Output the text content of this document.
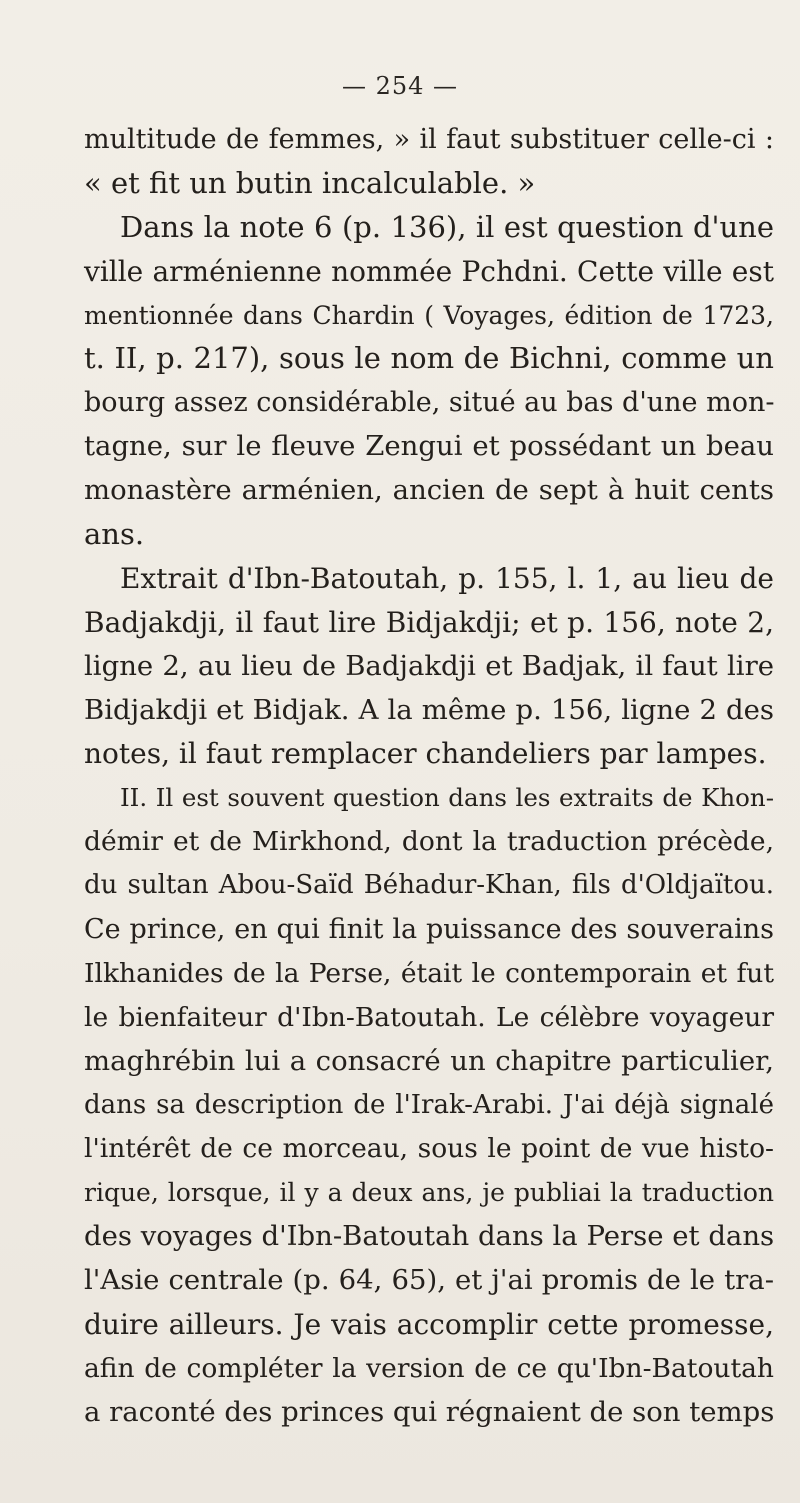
— 254 —
multitude de femmes, » il faut substituer celle-ci :
« et fit un butin incalculable. »
Dans la note 6 (p. 136), il est question d'une
ville arménienne nommée Pchdni. Cette ville est
mentionnée dans Chardin ( Voyages, édition de 1723,
t. II, p. 217), sous le nom de Bichni, comme un
bourg assez considérable, situé au bas d'une mon-
tagne, sur le fleuve Zengui et possédant un beau
monastère arménien, ancien de sept à huit cents
ans.
Extrait d'Ibn-Batoutah, p. 155, l. 1, au lieu de
Badjakdji, il faut lire Bidjakdji; et p. 156, note 2,
ligne 2, au lieu de Badjakdji et Badjak, il faut lire
Bidjakdji et Bidjak. A la même p. 156, ligne 2 des
notes, il faut remplacer chandeliers par lampes.
II. Il est souvent question dans les extraits de Khon-
démir et de Mirkhond, dont la traduction précède,
du sultan Abou-Saïd Béhadur-Khan, fils d'Oldjaïtou.
Ce prince, en qui finit la puissance des souverains
Ilkhanides de la Perse, était le contemporain et fut
le bienfaiteur d'Ibn-Batoutah. Le célèbre voyageur
maghrébin lui a consacré un chapitre particulier,
dans sa description de l'Irak-Arabi. J'ai déjà signalé
l'intérêt de ce morceau, sous le point de vue histo-
rique, lorsque, il y a deux ans, je publiai la traduction
des voyages d'Ibn-Batoutah dans la Perse et dans
l'Asie centrale (p. 64, 65), et j'ai promis de le tra-
duire ailleurs. Je vais accomplir cette promesse,
afin de compléter la version de ce qu'Ibn-Batoutah
a raconté des princes qui régnaient de son temps
